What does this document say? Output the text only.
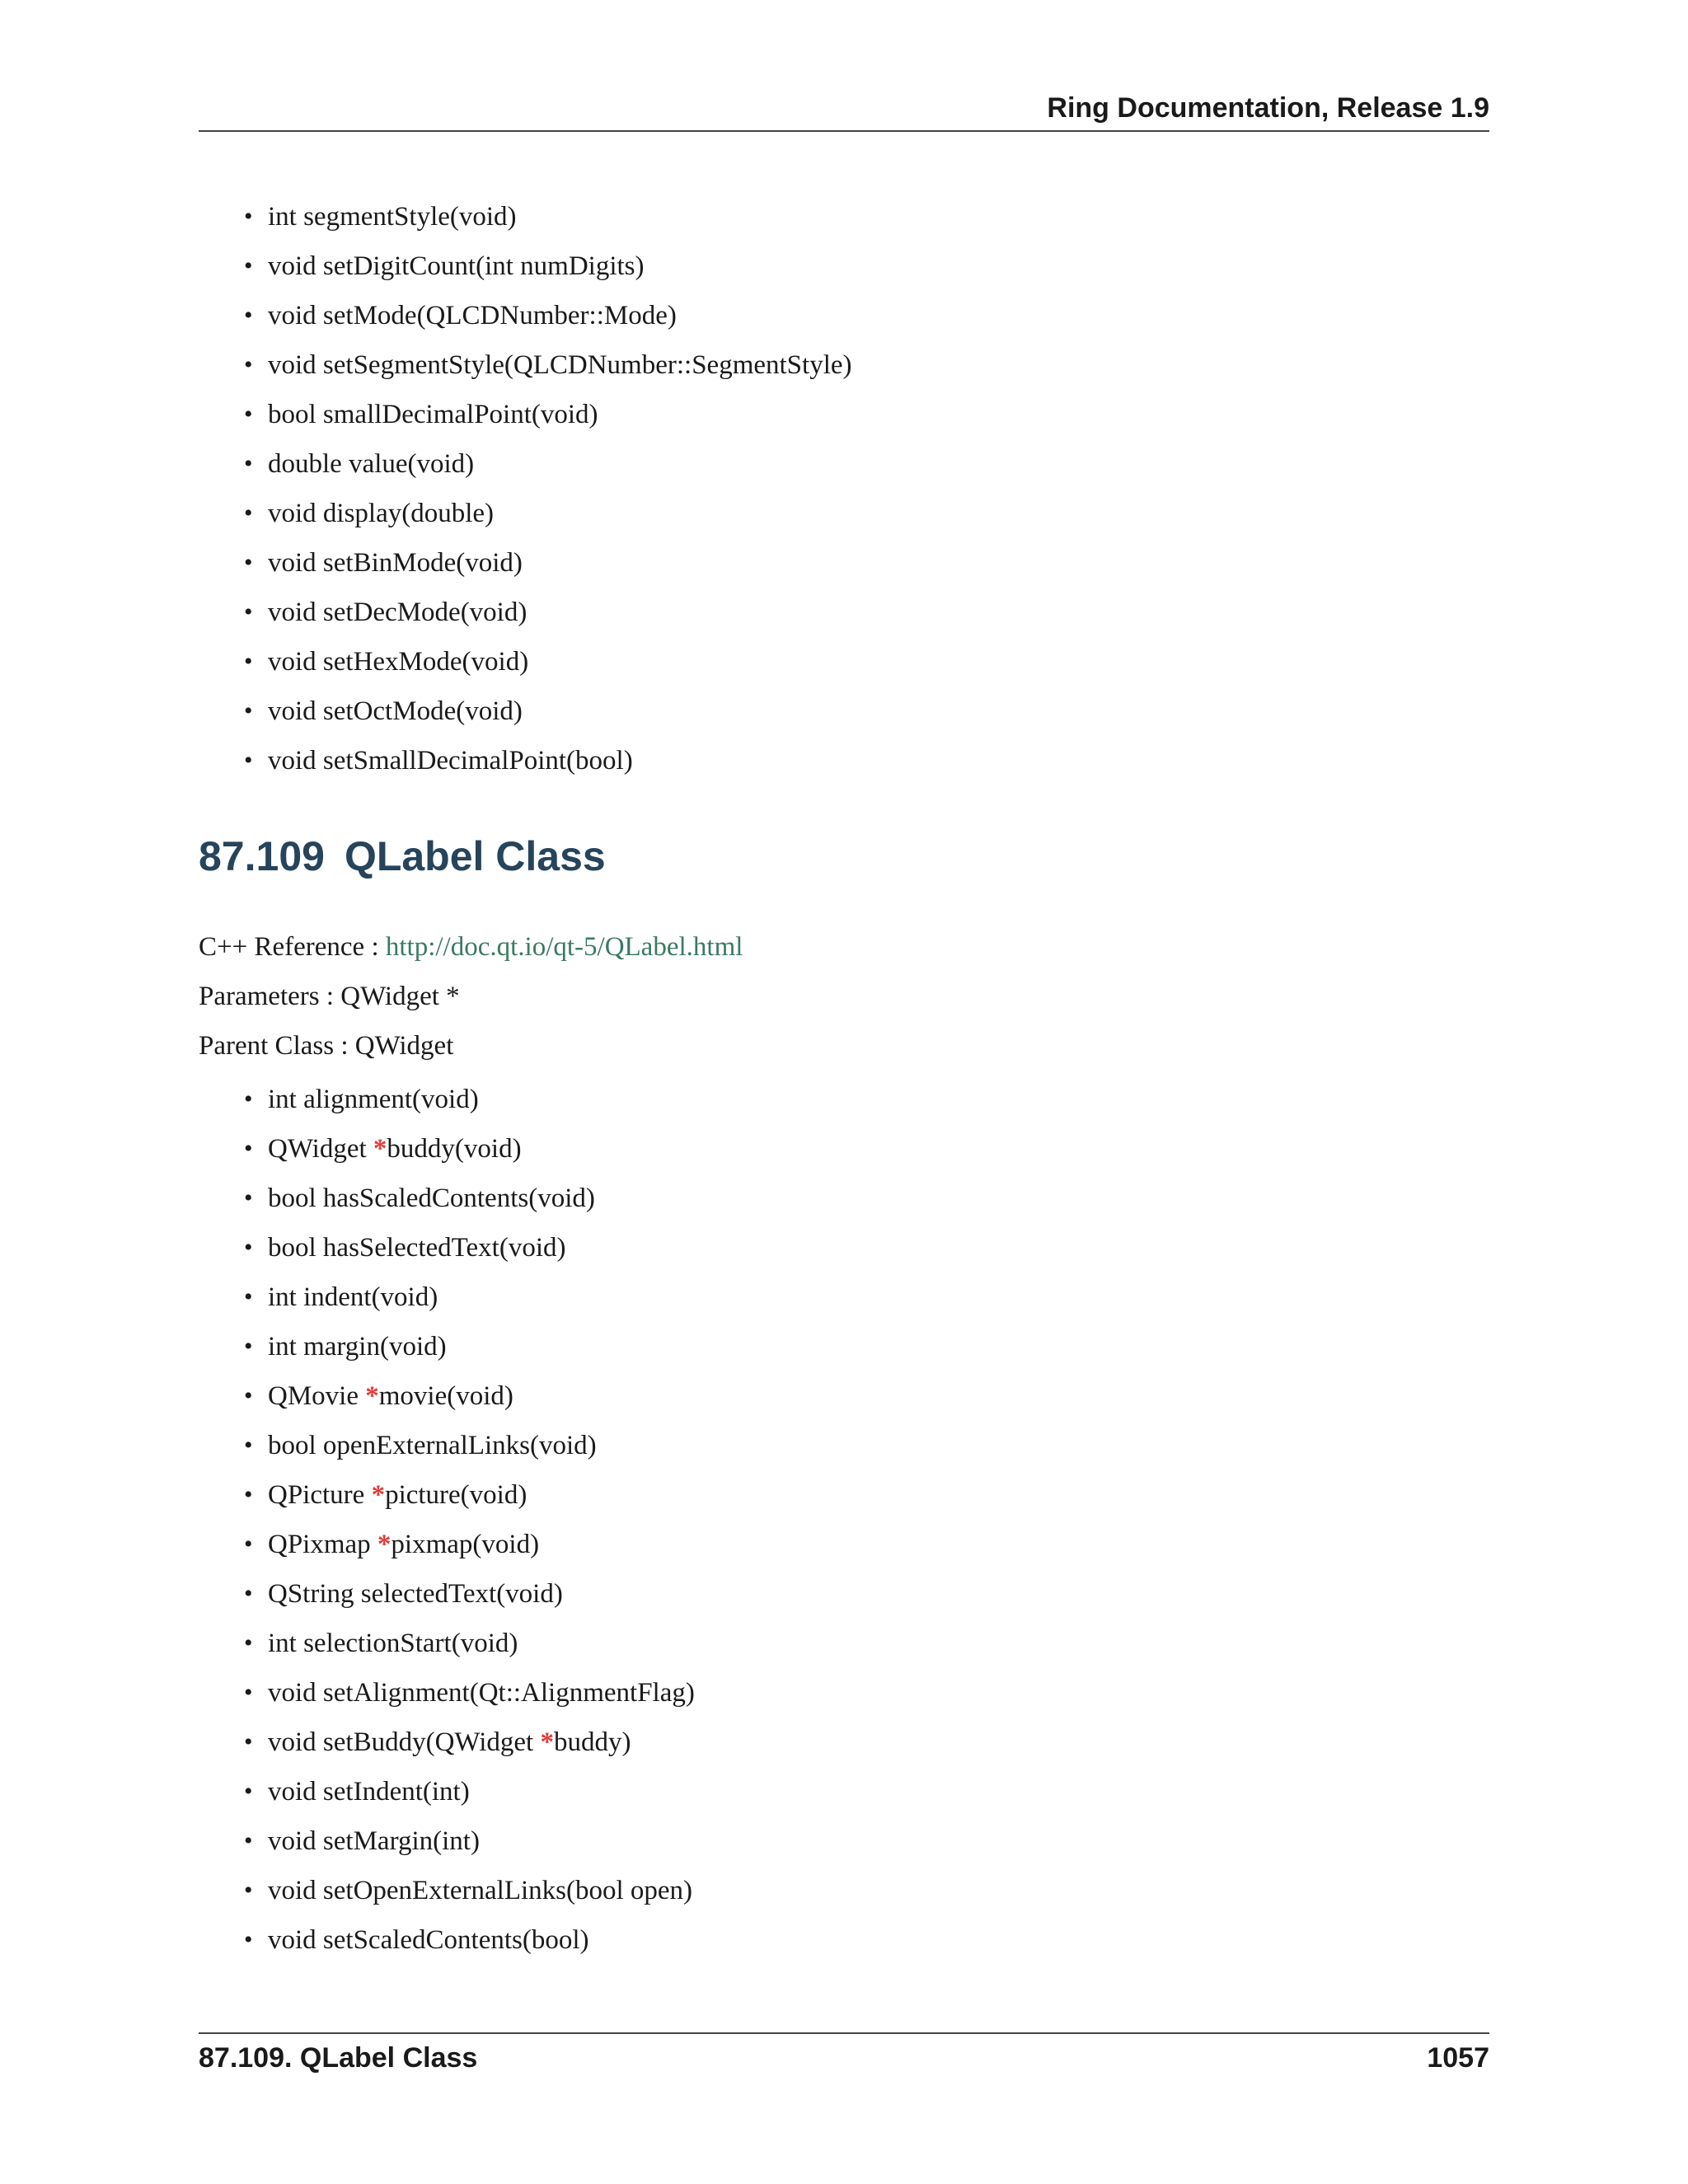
Ring Documentation, Release 1.9
• int segmentStyle(void)
• void setDigitCount(int numDigits)
• void setMode(QLCDNumber::Mode)
• void setSegmentStyle(QLCDNumber::SegmentStyle)
• bool smallDecimalPoint(void)
• double value(void)
• void display(double)
• void setBinMode(void)
• void setDecMode(void)
• void setHexMode(void)
• void setOctMode(void)
• void setSmallDecimalPoint(bool)
87.109 QLabel Class
C++ Reference : http://doc.qt.io/qt-5/QLabel.html
Parameters : QWidget *
Parent Class : QWidget
• int alignment(void)
• QWidget *buddy(void)
• bool hasScaledContents(void)
• bool hasSelectedText(void)
• int indent(void)
• int margin(void)
• QMovie *movie(void)
• bool openExternalLinks(void)
• QPicture *picture(void)
• QPixmap *pixmap(void)
• QString selectedText(void)
• int selectionStart(void)
• void setAlignment(Qt::AlignmentFlag)
• void setBuddy(QWidget *buddy)
• void setIndent(int)
• void setMargin(int)
• void setOpenExternalLinks(bool open)
• void setScaledContents(bool)
87.109. QLabel Class	1057
